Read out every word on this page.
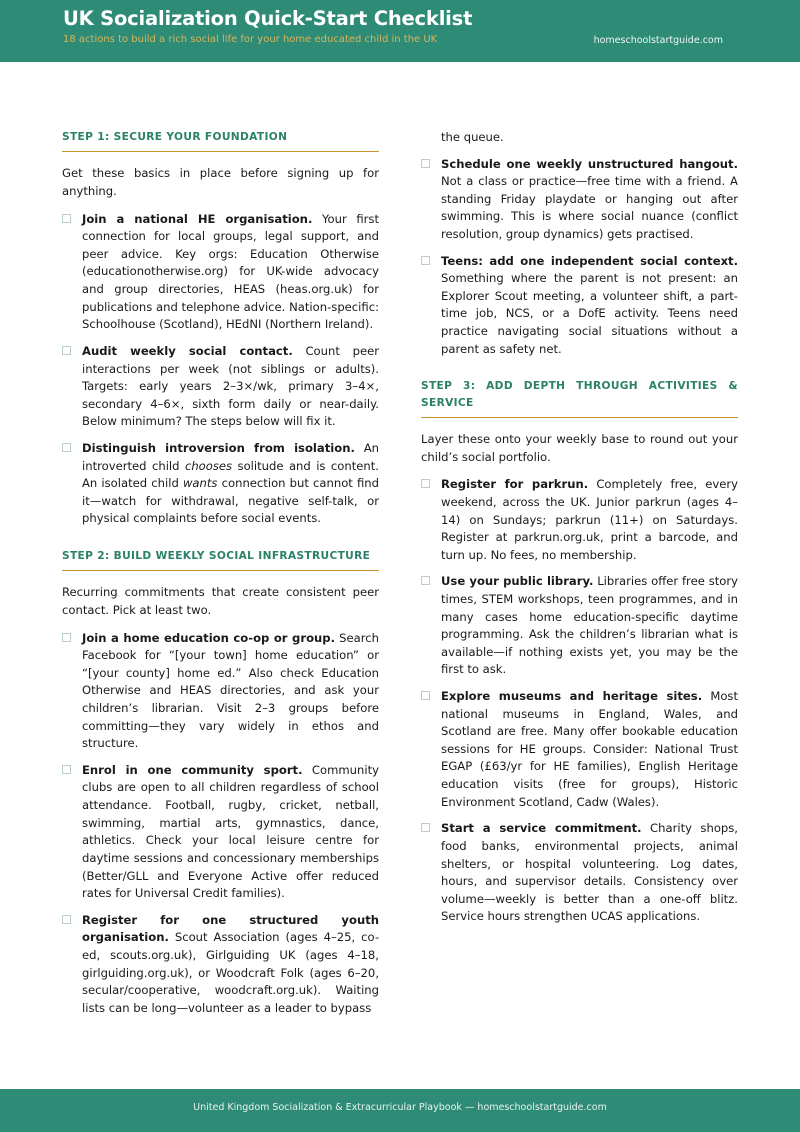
UK Socialization Quick-Start Checklist
18 actions to build a rich social life for your home educated child in the UK	homeschoolstartguide.com
STEP 1: SECURE YOUR FOUNDATION

Get these basics in place before signing up for anything.

Join a national HE organisation. Your first connection for local groups, legal support, and peer advice. Key orgs: Education Otherwise (educationotherwise.org) for UK-wide advocacy and group directories, HEAS (heas.org.uk) for publications and telephone advice. Nation-specific: Schoolhouse (Scotland), HEdNI (Northern Ireland).
Audit weekly social contact. Count peer interactions per week (not siblings or adults). Targets: early years 2–3×/wk, primary 3–4×, secondary 4–6×, sixth form daily or near-daily. Below minimum? The steps below will fix it.
Distinguish introversion from isolation. An introverted child chooses solitude and is content. An isolated child wants connection but cannot find it—watch for withdrawal, negative self-talk, or physical complaints before social events.
STEP 2: BUILD WEEKLY SOCIAL INFRASTRUCTURE

Recurring commitments that create consistent peer contact. Pick at least two.

Join a home education co-op or group. Search Facebook for “[your town] home education” or “[your county] home ed.” Also check Education Otherwise and HEAS directories, and ask your children’s librarian. Visit 2–3 groups before committing—they vary widely in ethos and structure.
Enrol in one community sport. Community clubs are open to all children regardless of school attendance. Football, rugby, cricket, netball, swimming, martial arts, gymnastics, dance, athletics. Check your local leisure centre for daytime sessions and concessionary memberships (Better/GLL and Everyone Active offer reduced rates for Universal Credit families).
Register for one structured youth organisation. Scout Association (ages 4–25, co-ed, scouts.org.uk), Girlguiding UK (ages 4–18, girlguiding.org.uk), or Woodcraft Folk (ages 6–20, secular/cooperative, woodcraft.org.uk). Waiting lists can be long—volunteer as a leader to bypass

the queue.

Schedule one weekly unstructured hangout. Not a class or practice—free time with a friend. A standing Friday playdate or hanging out after swimming. This is where social nuance (conflict resolution, group dynamics) gets practised.
Teens: add one independent social context. Something where the parent is not present: an Explorer Scout meeting, a volunteer shift, a part-time job, NCS, or a DofE activity. Teens need practice navigating social situations without a parent as safety net.
STEP 3: ADD DEPTH THROUGH ACTIVITIES &
SERVICE

Layer these onto your weekly base to round out your child’s social portfolio.

Register for parkrun. Completely free, every weekend, across the UK. Junior parkrun (ages 4–14) on Sundays; parkrun (11+) on Saturdays. Register at parkrun.org.uk, print a barcode, and turn up. No fees, no membership.
Use your public library. Libraries offer free story times, STEM workshops, teen programmes, and in many cases home education-specific daytime programming. Ask the children’s librarian what is available—if nothing exists yet, you may be the first to ask.
Explore museums and heritage sites. Most national museums in England, Wales, and Scotland are free. Many offer bookable education sessions for HE groups. Consider: National Trust EGAP (£63/yr for HE families), English Heritage education visits (free for groups), Historic Environment Scotland, Cadw (Wales).
Start a service commitment. Charity shops, food banks, environmental projects, animal shelters, or hospital volunteering. Log dates, hours, and supervisor details. Consistency over volume—weekly is better than a one-off blitz. Service hours strengthen UCAS applications.
United Kingdom Socialization & Extracurricular Playbook — homeschoolstartguide.com
